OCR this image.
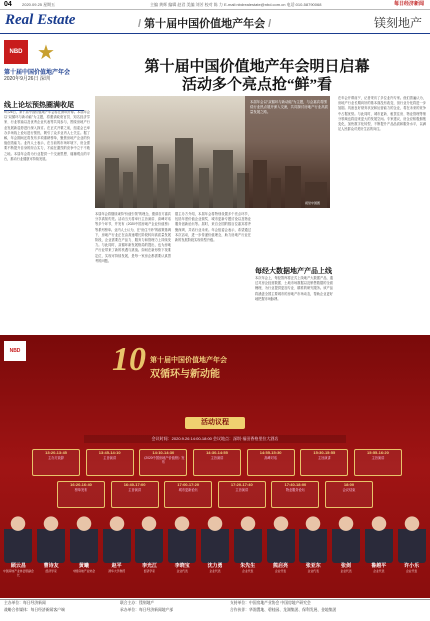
04	2020.09.25 星期五	主编 黄辉 编辑 赵君 美编 刘芳 校对 陈 力 E-mail:nbdrealestate@nbd.com.cn 电话:010-58790068	每日经济新闻
Real Estate
/	第十届中国价值地产年会 /	镁刻地产
NBD ★
第十届中国价值地产年会
2020年9月26日 深圳
第十届中国价值地产年会明日启幕
活动多个亮点抢“鲜”看
线上论坛预热圈满收尾
9月26日，第十届中国价值地产年会将在深圳开幕。本届年会以“双循环与新动能”为主题，将邀请政府官员、知名经济学家、行业领袖以及优秀企业代表等共同参与，围绕房地产行业发展新趋势进行深入探讨。在正式开幕之前，组委会已举办多场线上论坛进行预热，吸引了众多业内人士关注。据了解，年会期间还将发布多项重磅榜单，聚焦房地产企业的价值创造能力。业内人士表示，在当前的市场环境下，房企需要不断提升自身的综合实力，才能在激烈的竞争中立于不败之地。本届年会将为行业提供一个交流思想、碰撞观点的平台，推动行业健康可持续发展。
本届年会以“双循环与新动能”为主题，与会嘉宾将围绕行业热点展开深入交流，共同探讨房地产行业高质量发展之路。
视觉中国图
本届年会将继续秉持“价值引领”的理念，邀请各方嘉宾分享真知灼见。活动当天将举行主旨演讲、高峰对话等多个环节，并发布《2020中国房地产企业价值榜》等系列榜单。业内人士认为，在“房住不炒”的政策基调下，房地产行业正在由高速增长阶段转向高质量发展阶段，企业需要在产品力、服务力和管理力上持续发力。与此同时，双循环新发展格局的提出，也为房地产行业带来了新的机遇与挑战。如何在新形势下找准定位，实现可持续发展，是每一家房企都需要认真思考的问题。
据主办方介绍，本届年会将特别设置多个亮点环节，包括年度价值企业颁奖、城市更新专题讨论以及物业服务创新论坛等。届时，来自全国的数百位嘉宾将齐聚深圳，共话行业未来。年会组委会表示，希望通过本次活动，进一步传递价值理念，助力房地产行业在新的发展阶段实现转型升级。
每经大数据地产产品上线
本次年会上，每经智库将正式上线地产大数据产品，通过对房企经营数据、土地市场数据以及销售数据的全面梳理，为行业提供更加专业、精准的研究服务。该产品将涵盖全国主要城市的房地产市场动态，帮助企业更好地把握市场脉搏。
在年会开幕前夕，记者采访了多位业内专家。他们普遍认为，房地产行业长期向好的基本面没有改变，但行业分化将进一步加剧。具备良好财务状况和运营能力的企业，将在未来的竞争中占据优势。与此同时，城市更新、租赁住房、物业管理等细分领域也将迎来更大的发展空间。专家建议，房企应积极拥抱变化，加快数字化转型，不断提升产品品质和服务水平，以满足人民群众对美好生活的向往。
NBD	10 第十届中国价值地产年会
双循环与新动能
活动议程
会议时间：2020.9.26 14:00-18:00 会议地点：深圳·福田香格里拉大酒店
13:20-13:45
主办方致辞
13:45-14:10
主旨演讲
14:10-14:30
《2020中国房地产价值榜》发布
14:30-14:55
主旨演讲
14:55-15:30
高峰对话
15:30-15:55
主旨演讲
15:55-16:20
主旨演讲
16:20-16:40
榜单发布
16:40-17:00
主旨演讲
17:00-17:20
城市更新论坛
17:20-17:40
主旨演讲
17:40-18:00
物业服务论坛
18:00
会议结束
顾云昌
中国房地产业协会原副会长
曹诗友
经济学家
黄曦
中国房地产业协会
赵平
清华大学教授
李光江
经济学家
李晓宝
企业代表
沈力勇
企业代表
朱先生
企业代表
熊启亮
企业代表
张亚东
企业代表
张剑
企业代表
鲁越平
企业代表
许小乐
企业代表
主办单位：每日经济新闻	联合主办：镁刻地产	支持单位：中国房地产业协会 中国房地产研究会
战略合作媒体：每日经济新闻客户端	承办单位：每日经济新闻地产部	合作伙伴：华润置地、碧桂园、龙湖集团、保利发展、金地集团
